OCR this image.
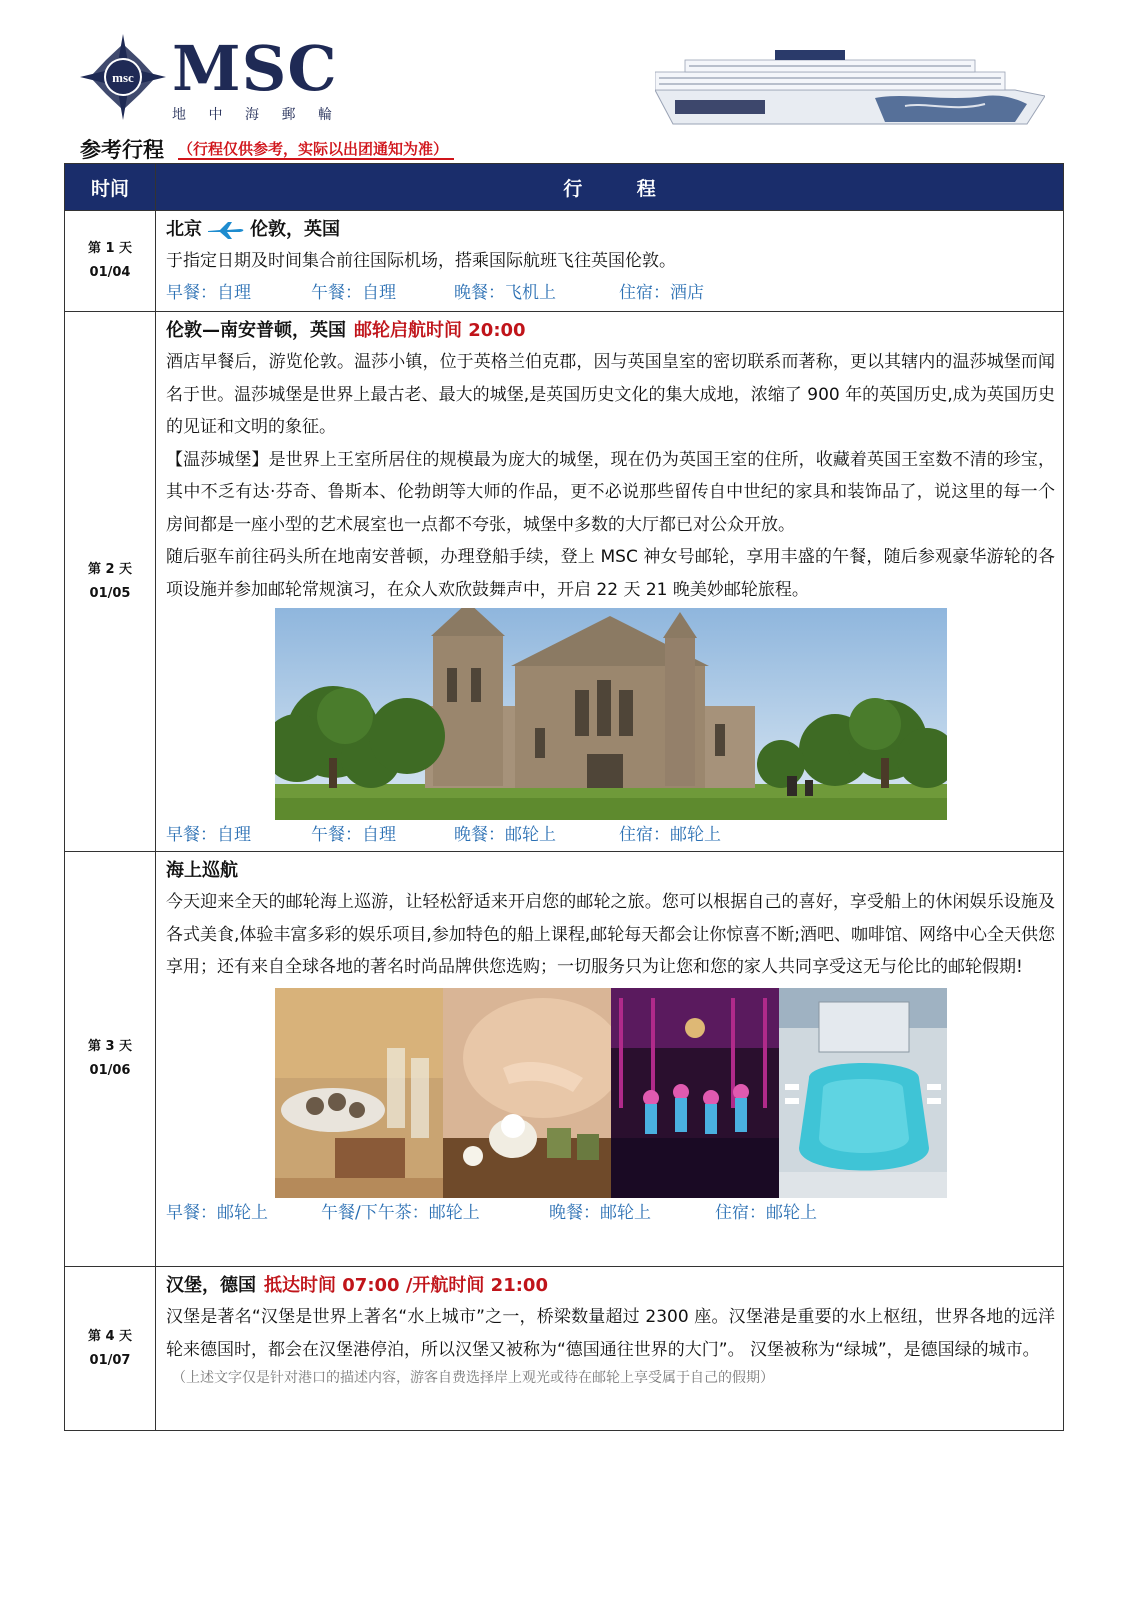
msc MSC
地 中 海 郵 輪
参考行程 （行程仅供参考，实际以出团通知为准）
时间	行 程
第 1 天
01/04
北京	伦敦，英国
于指定日期及时间集合前往国际机场，搭乘国际航班飞往英国伦敦。
早餐：自理	午餐：自理	晚餐：飞机上	住宿：酒店
第 2 天
01/05
伦敦—南安普顿，英国 邮轮启航时间 20:00
酒店早餐后，游览伦敦。温莎小镇，位于英格兰伯克郡，因与英国皇室的密切联系而著称，更以其辖内的温莎城堡而闻名于世。温莎城堡是世界上最古老、最大的城堡,是英国历史文化的集大成地，浓缩了 900 年的英国历史,成为英国历史的见证和文明的象征。
【温莎城堡】是世界上王室所居住的规模最为庞大的城堡，现在仍为英国王室的住所，收藏着英国王室数不清的珍宝，其中不乏有达·芬奇、鲁斯本、伦勃朗等大师的作品，更不必说那些留传自中世纪的家具和装饰品了，说这里的每一个房间都是一座小型的艺术展室也一点都不夸张，城堡中多数的大厅都已对公众开放。
随后驱车前往码头所在地南安普顿，办理登船手续，登上 MSC 神女号邮轮，享用丰盛的午餐，随后参观豪华游轮的各项设施并参加邮轮常规演习，在众人欢欣鼓舞声中，开启 22 天 21 晚美妙邮轮旅程。
早餐：自理	午餐：自理	晚餐：邮轮上	住宿：邮轮上
第 3 天
01/06
海上巡航
今天迎来全天的邮轮海上巡游，让轻松舒适来开启您的邮轮之旅。您可以根据自己的喜好，享受船上的休闲娱乐设施及各式美食,体验丰富多彩的娱乐项目,参加特色的船上课程,邮轮每天都会让你惊喜不断;酒吧、咖啡馆、网络中心全天供您享用；还有来自全球各地的著名时尚品牌供您选购；一切服务只为让您和您的家人共同享受这无与伦比的邮轮假期!
早餐：邮轮上	午餐/下午茶：邮轮上	晚餐：邮轮上	住宿：邮轮上
第 4 天
01/07
汉堡，德国 抵达时间 07:00 /开航时间 21:00
汉堡是著名“汉堡是世界上著名“水上城市”之一，桥梁数量超过 2300 座。汉堡港是重要的水上枢纽，世界各地的远洋轮来德国时，都会在汉堡港停泊，所以汉堡又被称为“德国通往世界的大门”。 汉堡被称为“绿城”，是德国绿的城市。
（上述文字仅是针对港口的描述内容，游客自费选择岸上观光或待在邮轮上享受属于自己的假期）
